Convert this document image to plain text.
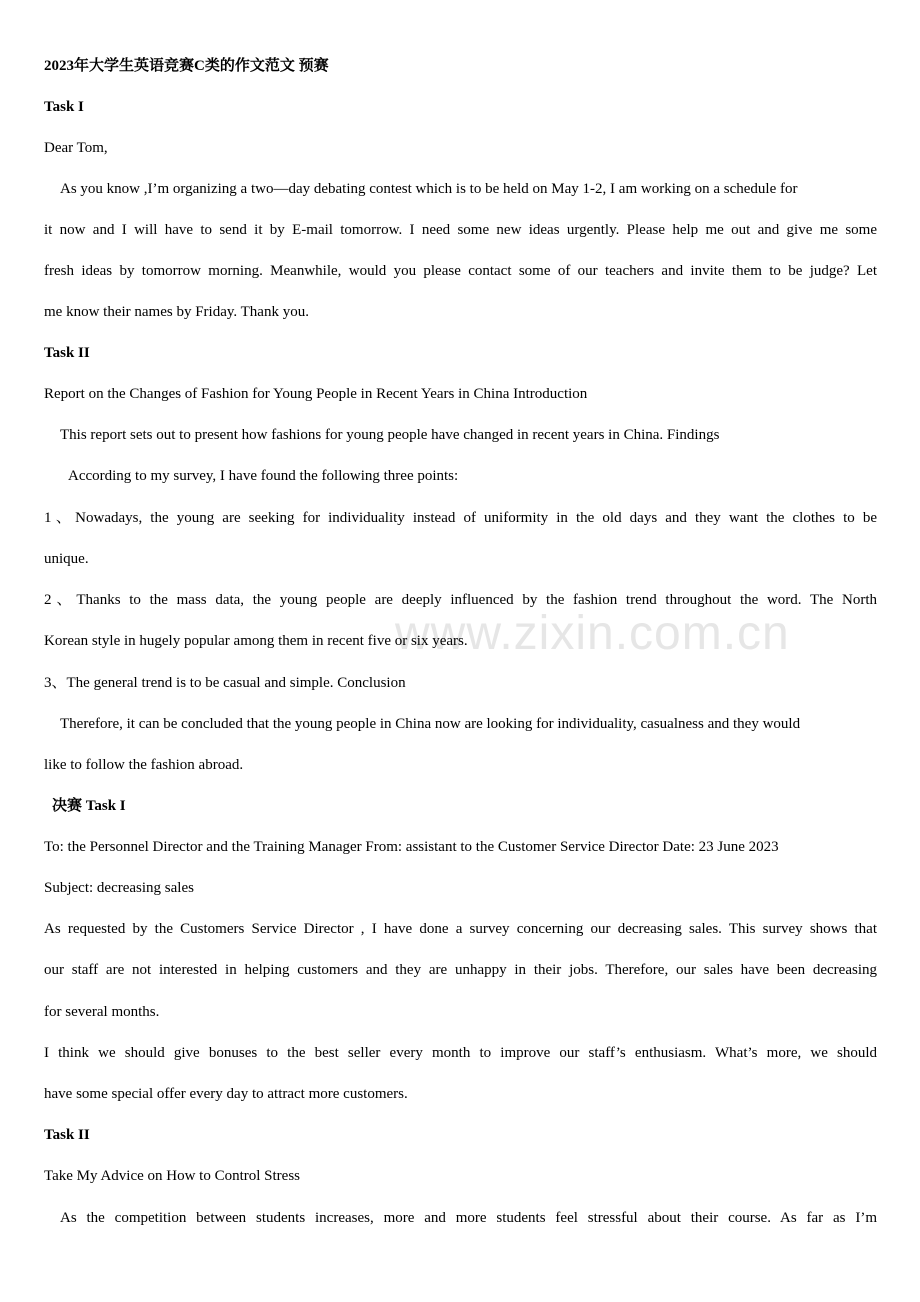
www.zixin.com.cn
2023年大学生英语竞赛C类的作文范文 预赛
Task I
Dear Tom,
As you know ,I’m organizing a two—day debating contest which is to be held on May 1-2, I am working on a schedule for
it now and I will have to send it by E-mail tomorrow. I need some new ideas urgently. Please help me out and give me some
fresh ideas by tomorrow morning. Meanwhile, would you please contact some of our teachers and invite them to be judge? Let
me know their names by Friday. Thank you.
Task II
Report on the Changes of Fashion for Young People in Recent Years in China Introduction
This report sets out to present how fashions for young people have changed in recent years in China. Findings
According to my survey, I have found the following three points:
1、Nowadays, the young are seeking for individuality instead of uniformity in the old days and they want the clothes to be
unique.
2、Thanks to the mass data, the young people are deeply influenced by the fashion trend throughout the word. The North
Korean style in hugely popular among them in recent five or six years.
3、The general trend is to be casual and simple. Conclusion
Therefore, it can be concluded that the young people in China now are looking for individuality, casualness and they would
like to follow the fashion abroad.
决赛 Task I
To: the Personnel Director and the Training Manager From: assistant to the Customer Service Director Date: 23 June 2023
Subject: decreasing sales
As requested by the Customers Service Director , I have done a survey concerning our decreasing sales. This survey shows that
our staff are not interested in helping customers and they are unhappy in their jobs. Therefore, our sales have been decreasing
for several months.
I think we should give bonuses to the best seller every month to improve our staff’s enthusiasm. What’s more, we should
have some special offer every day to attract more customers.
Task II
Take My Advice on How to Control Stress
As the competition between students increases, more and more students feel stressful about their course. As far as I’m
